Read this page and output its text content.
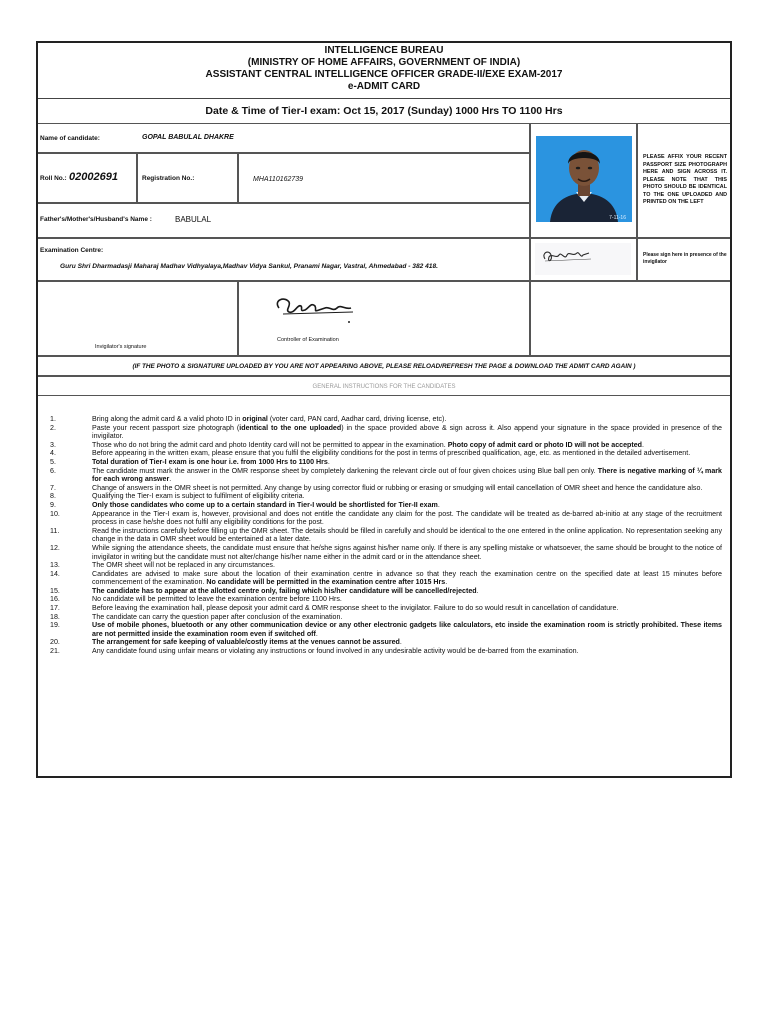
INTELLIGENCE BUREAU
(MINISTRY OF HOME AFFAIRS, GOVERNMENT OF INDIA)
ASSISTANT CENTRAL INTELLIGENCE OFFICER GRADE-II/EXE EXAM-2017
e-ADMIT CARD
Date & Time of Tier-I exam: Oct 15, 2017 (Sunday) 1000 Hrs TO 1100 Hrs
Name of candidate:	GOPAL BABULAL DHAKRE
Roll No.: 02002691	Registration No.:	MHA110162739
Father's/Mother's/Husband's Name :	BABULAL
Examination Centre:
Guru Shri Dharmadasji Maharaj Madhav Vidhyalaya,Madhav Vidya Sankul, Pranami Nagar, Vastral, Ahmedabad - 382 418.
7-11-16
PLEASE AFFIX YOUR RECENT PASSPORT SIZE PHOTOGRAPH HERE AND SIGN ACROSS IT. PLEASE NOTE THAT THIS PHOTO SHOULD BE IDENTICAL TO THE ONE UPLOADED AND PRINTED ON THE LEFT
Please sign here in presence of the invigilator
Invigilator's signature
Controller of Examination
(IF THE PHOTO & SIGNATURE UPLOADED BY YOU ARE NOT APPEARING ABOVE, PLEASE RELOAD/REFRESH THE PAGE & DOWNLOAD THE ADMIT CARD AGAIN )
GENERAL INSTRUCTIONS FOR THE CANDIDATES
1.	Bring along the admit card & a valid photo ID in original (voter card, PAN card, Aadhar card, driving license, etc).
2.	Paste your recent passport size photograph (identical to the one uploaded) in the space provided above & sign across it. Also append your signature in the space provided in presence of the invigilator.
3.	Those who do not bring the admit card and photo Identity card will not be permitted to appear in the examination. Photo copy of admit card or photo ID will not be accepted.
4.	Before appearing in the written exam, please ensure that you fulfil the eligibility conditions for the post in terms of prescribed qualification, age, etc. as mentioned in the detailed advertisement.
5.	Total duration of Tier-I exam is one hour i.e. from 1000 Hrs to 1100 Hrs.
6.	The candidate must mark the answer in the OMR response sheet by completely darkening the relevant circle out of four given choices using Blue ball pen only. There is negative marking of ¼ mark for each wrong answer.
7.	Change of answers in the OMR sheet is not permitted. Any change by using corrector fluid or rubbing or erasing or smudging will entail cancellation of OMR sheet and hence the candidature also.
8.	Qualifying the Tier-I exam is subject to fulfilment of eligibility criteria.
9.	Only those candidates who come up to a certain standard in Tier-I would be shortlisted for Tier-II exam.
10.	Appearance in the Tier-I exam is, however, provisional and does not entitle the candidate any claim for the post. The candidate will be treated as de-barred ab-initio at any stage of the recruitment process in case he/she does not fulfil any eligibility conditions for the post.
11.	Read the instructions carefully before filling up the OMR sheet. The details should be filled in carefully and should be identical to the one entered in the online application. No representation seeking any change in the data in OMR sheet would be entertained at a later date.
12.	While signing the attendance sheets, the candidate must ensure that he/she signs against his/her name only. If there is any spelling mistake or whatsoever, the same should be brought to the notice of invigilator in writing but the candidate must not alter/change his/her name either in the admit card or in the attendance sheet.
13.	The OMR sheet will not be replaced in any circumstances.
14.	Candidates are advised to make sure about the location of their examination centre in advance so that they reach the examination centre on the specified date at least 15 minutes before commencement of the examination. No candidate will be permitted in the examination centre after 1015 Hrs.
15.	The candidate has to appear at the allotted centre only, failing which his/her candidature will be cancelled/rejected.
16.	No candidate will be permitted to leave the examination centre before 1100 Hrs.
17.	Before leaving the examination hall, please deposit your admit card & OMR response sheet to the invigilator. Failure to do so would result in cancellation of candidature.
18.	The candidate can carry the question paper after conclusion of the examination.
19.	Use of mobile phones, bluetooth or any other communication device or any other electronic gadgets like calculators, etc inside the examination room is strictly prohibited. These items are not permitted inside the examination room even if switched off.
20.	The arrangement for safe keeping of valuable/costly items at the venues cannot be assured.
21.	Any candidate found using unfair means or violating any instructions or found involved in any undesirable activity would be de-barred from the examination.
